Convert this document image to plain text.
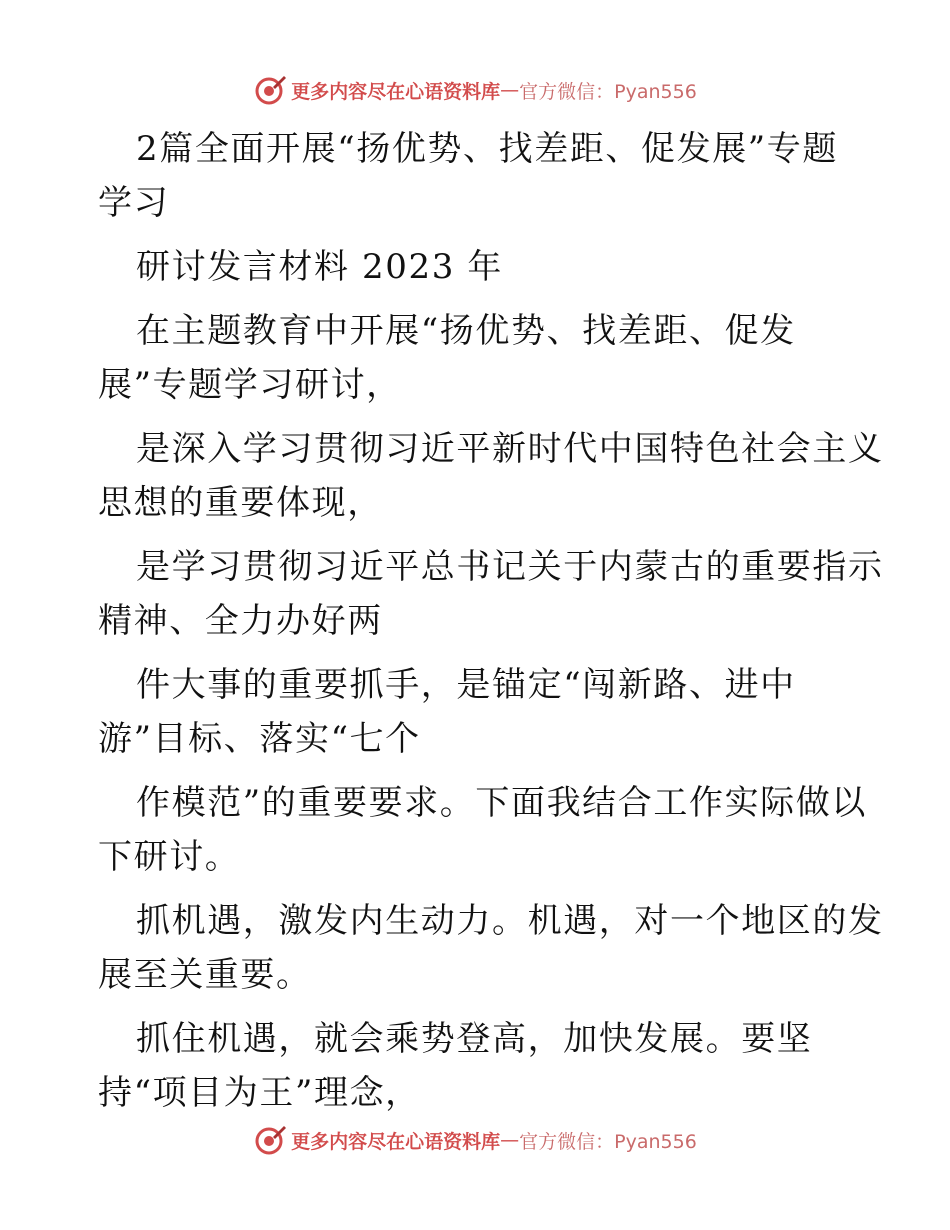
更多内容尽在心语资料库 — 官方微信：Pyan556
2篇全面开展“扬优势、找差距、促发展”专题
学习
研讨发言材料 2023 年
在主题教育中开展“扬优势、找差距、促发
展”专题学习研讨，
是深入学习贯彻习近平新时代中国特色社会主义
思想的重要体现，
是学习贯彻习近平总书记关于内蒙古的重要指示
精神、全力办好两
件大事的重要抓手，是锚定“闯新路、进中
游”目标、落实“七个
作模范”的重要要求。下面我结合工作实际做以
下研讨。
抓机遇，激发内生动力。机遇，对一个地区的发
展至关重要。
抓住机遇，就会乘势登高，加快发展。要坚
持“项目为王”理念，
更多内容尽在心语资料库 — 官方微信：Pyan556
